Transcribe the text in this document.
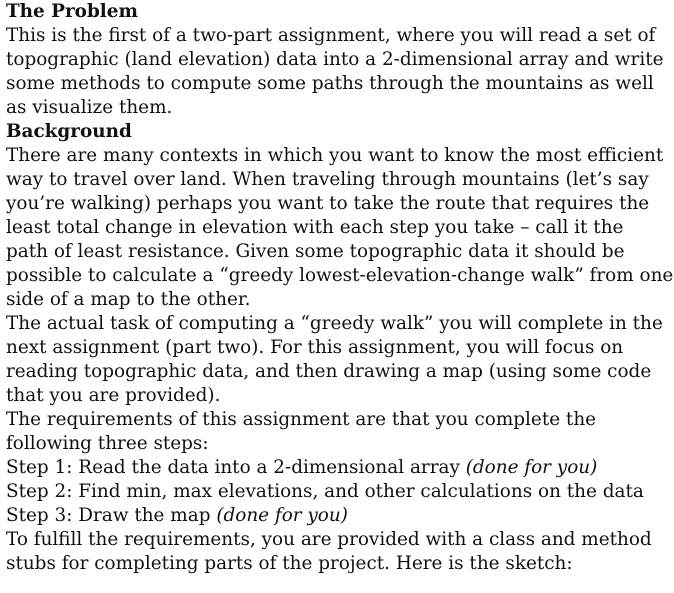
The Problem
This is the first of a two-part assignment, where you will read a set of
topographic (land elevation) data into a 2-dimensional array and write
some methods to compute some paths through the mountains as well
as visualize them.
Background
There are many contexts in which you want to know the most efficient
way to travel over land. When traveling through mountains (let’s say
you’re walking) perhaps you want to take the route that requires the
least total change in elevation with each step you take – call it the
path of least resistance. Given some topographic data it should be
possible to calculate a “greedy lowest-elevation-change walk” from one
side of a map to the other.
The actual task of computing a “greedy walk” you will complete in the
next assignment (part two). For this assignment, you will focus on
reading topographic data, and then drawing a map (using some code
that you are provided).
The requirements of this assignment are that you complete the
following three steps:
Step 1: Read the data into a 2-dimensional array (done for you)
Step 2: Find min, max elevations, and other calculations on the data
Step 3: Draw the map (done for you)
To fulfill the requirements, you are provided with a class and method
stubs for completing parts of the project. Here is the sketch:
